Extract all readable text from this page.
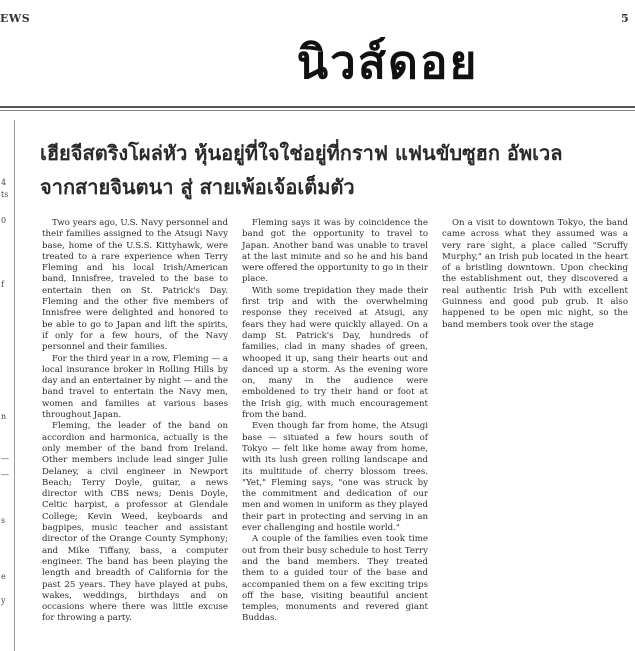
EWS	5
นิวส์ดอย
4
ts
0
f
n
—
—
s
e
y
เฮียจีสตริงโผล่หัว หุ้นอยู่ที่ใจใช่อยู่ที่กราฟ แฟนขับซูฮก อัพเวล
จากสายจินตนา สู่ สายเพ้อเจ้อเต็มตัว

Two years ago, U.S. Navy personnel and their families assigned to the Atsugi Navy base, home of the U.S.S. Kittyhawk, were treated to a rare experience when Terry Fleming and his local Irish/American band, Innisfree, traveled to the base to entertain then on St. Patrick's Day. Fleming and the other five members of Innisfree were delighted and honored to be able to go to Japan and lift the spirits, if only for a few hours, of the Navy personnel and their families.

For the third year in a row, Fleming — a local insurance broker in Rolling Hills by day and an entertainer by night — and the band travel to entertain the Navy men, women and families at various bases throughout Japan.

Fleming, the leader of the band on accordion and harmonica, actually is the only member of the band from Ireland. Other members include lead singer Julie Delaney, a civil engineer in Newport Beach; Terry Doyle, guitar, a news director with CBS news; Denis Doyle, Celtic harpist, a professor at Glendale College; Kevin Weed, keyboards and bagpipes, music teacher and assistant director of the Orange County Symphony; and Mike Tiffany, bass, a computer engineer. The band has been playing the length and breadth of California for the past 25 years. They have played at pubs, wakes, weddings, birthdays and on occasions where there was little excuse for throwing a party.

Fleming says it was by coincidence the band got the opportunity to travel to Japan. Another band was unable to travel at the last minute and so he and his band were offered the opportunity to go in their place.

With some trepidation they made their first trip and with the overwhelming response they received at Atsugi, any fears they had were quickly allayed. On a damp St. Patrick's Day, hundreds of families, clad in many shades of green, whooped it up, sang their hearts out and danced up a storm. As the evening wore on, many in the audience were emboldened to try their hand or foot at the Irish gig, with much encouragement from the band.

Even though far from home, the Atsugi base — situated a few hours south of Tokyo — felt like home away from home, with its lush green rolling landscape and its multitude of cherry blossom trees. "Yet," Fleming says, "one was struck by the commitment and dedication of our men and women in uniform as they played their part in protecting and serving in an ever challenging and hostile world."

A couple of the families even took time out from their busy schedule to host Terry and the band members. They treated them to a guided tour of the base and accompanied them on a few exciting trips off the base, visiting beautiful ancient temples, monuments and revered giant Buddas.

On a visit to downtown Tokyo, the band came across what they assumed was a very rare sight, a place called "Scruffy Murphy," an Irish pub located in the heart of a bristling downtown. Upon checking the establishment out, they discovered a real authentic Irish Pub with excellent Guinness and good pub grub. It also happened to be open mic night, so the band members took over the stage
